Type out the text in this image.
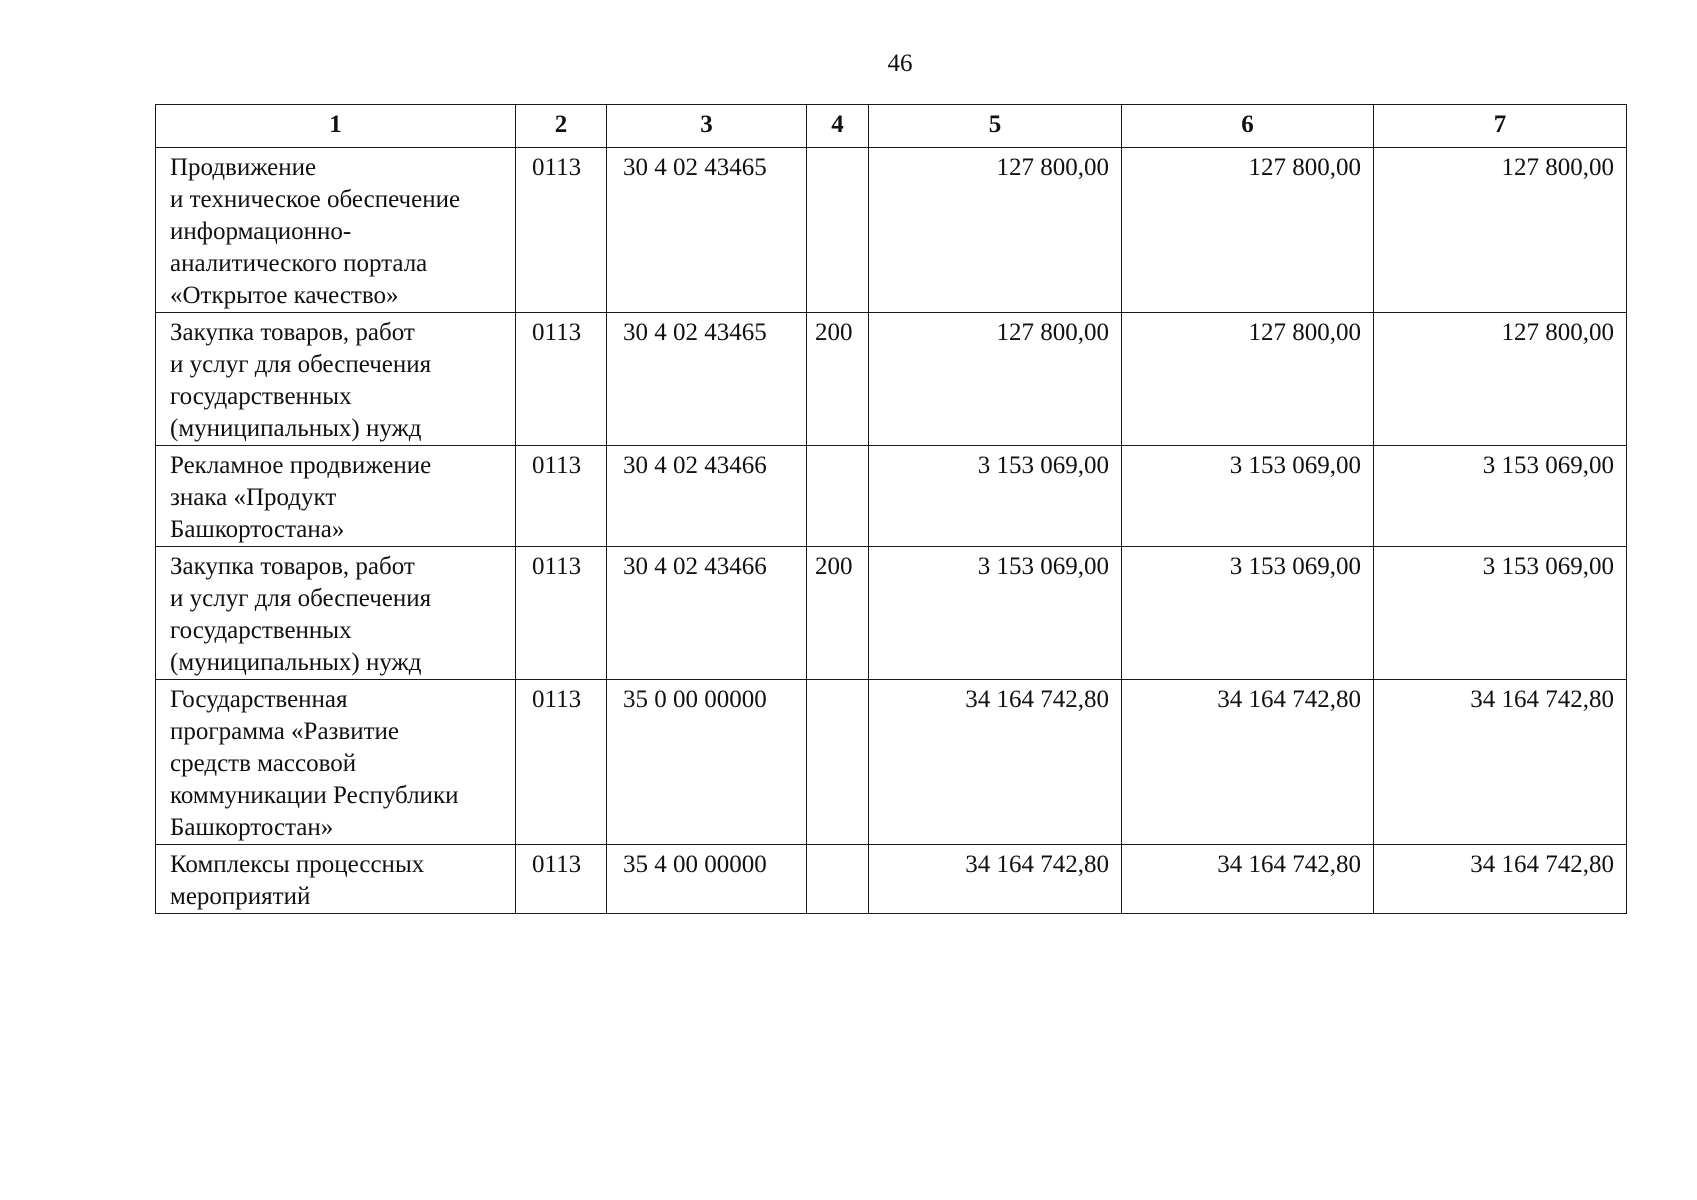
46
1	2	3	4	5	6	7

Продвижение
и техническое обеспечение
информационно-
аналитического портала
«Открытое качество»	0113	30 4 02 43465		127 800,00	127 800,00	127 800,00

Закупка товаров, работ
и услуг для обеспечения
государственных
(муниципальных) нужд	0113	30 4 02 43465	200	127 800,00	127 800,00	127 800,00

Рекламное продвижение
знака «Продукт
Башкортостана»	0113	30 4 02 43466		3 153 069,00	3 153 069,00	3 153 069,00

Закупка товаров, работ
и услуг для обеспечения
государственных
(муниципальных) нужд	0113	30 4 02 43466	200	3 153 069,00	3 153 069,00	3 153 069,00

Государственная
программа «Развитие
средств массовой
коммуникации Республики
Башкортостан»	0113	35 0 00 00000		34 164 742,80	34 164 742,80	34 164 742,80

Комплексы процессных
мероприятий	0113	35 4 00 00000		34 164 742,80	34 164 742,80	34 164 742,80
